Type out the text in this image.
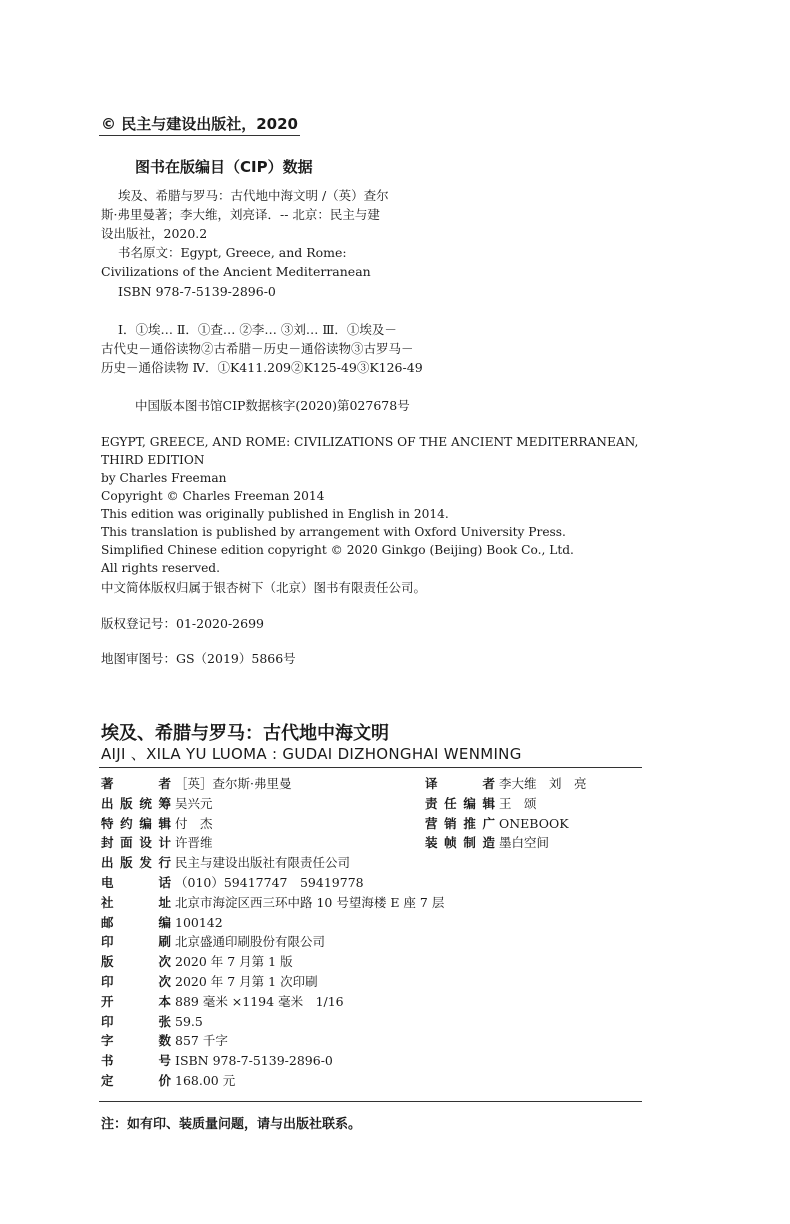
© 民主与建设出版社，2020
图书在版编目（CIP）数据
埃及、希腊与罗马：古代地中海文明 /（英）查尔
斯·弗里曼著；李大维，刘亮译．-- 北京：民主与建
设出版社，2020.2
书名原文：Egypt, Greece, and Rome:
Civilizations of the Ancient Mediterranean
ISBN 978-7-5139-2896-0
Ⅰ．①埃… Ⅱ．①查… ②李… ③刘… Ⅲ．①埃及－
古代史－通俗读物②古希腊－历史－通俗读物③古罗马－
历史－通俗读物 Ⅳ．①K411.209②K125-49③K126-49
中国版本图书馆CIP数据核字(2020)第027678号
EGYPT, GREECE, AND ROME: CIVILIZATIONS OF THE ANCIENT MEDITERRANEAN,
THIRD EDITION
by Charles Freeman
Copyright © Charles Freeman 2014
This edition was originally published in English in 2014.
This translation is published by arrangement with Oxford University Press.
Simplified Chinese edition copyright © 2020 Ginkgo (Beijing) Book Co., Ltd.
All rights reserved.
中文简体版权归属于银杏树下（北京）图书有限责任公司。
版权登记号：01-2020-2699
地图审图号：GS（2019）5866号
埃及、希腊与罗马：古代地中海文明
AIJI 、XILA YU LUOMA : GUDAI DIZHONGHAI WENMING
著	者 ［英］查尔斯·弗里曼
出 版 统 筹 吴兴元
特 约 编 辑 付　杰
封 面 设 计 许晋维
出 版 发 行 民主与建设出版社有限责任公司
电	话 （010）59417747　59419778
社	址 北京市海淀区西三环中路 10 号望海楼 E 座 7 层
邮	编 100142
印	刷 北京盛通印刷股份有限公司
版	次 2020 年 7 月第 1 版
印	次 2020 年 7 月第 1 次印刷
开	本 889 毫米 ×1194 毫米　1/16
印	张 59.5
字	数 857 千字
书	号 ISBN 978-7-5139-2896-0
定	价 168.00 元
译	者 李大维　刘　亮
责 任 编 辑 王　颂
营 销 推 广 ONEBOOK
装 帧 制 造 墨白空间
注：如有印、装质量问题，请与出版社联系。
